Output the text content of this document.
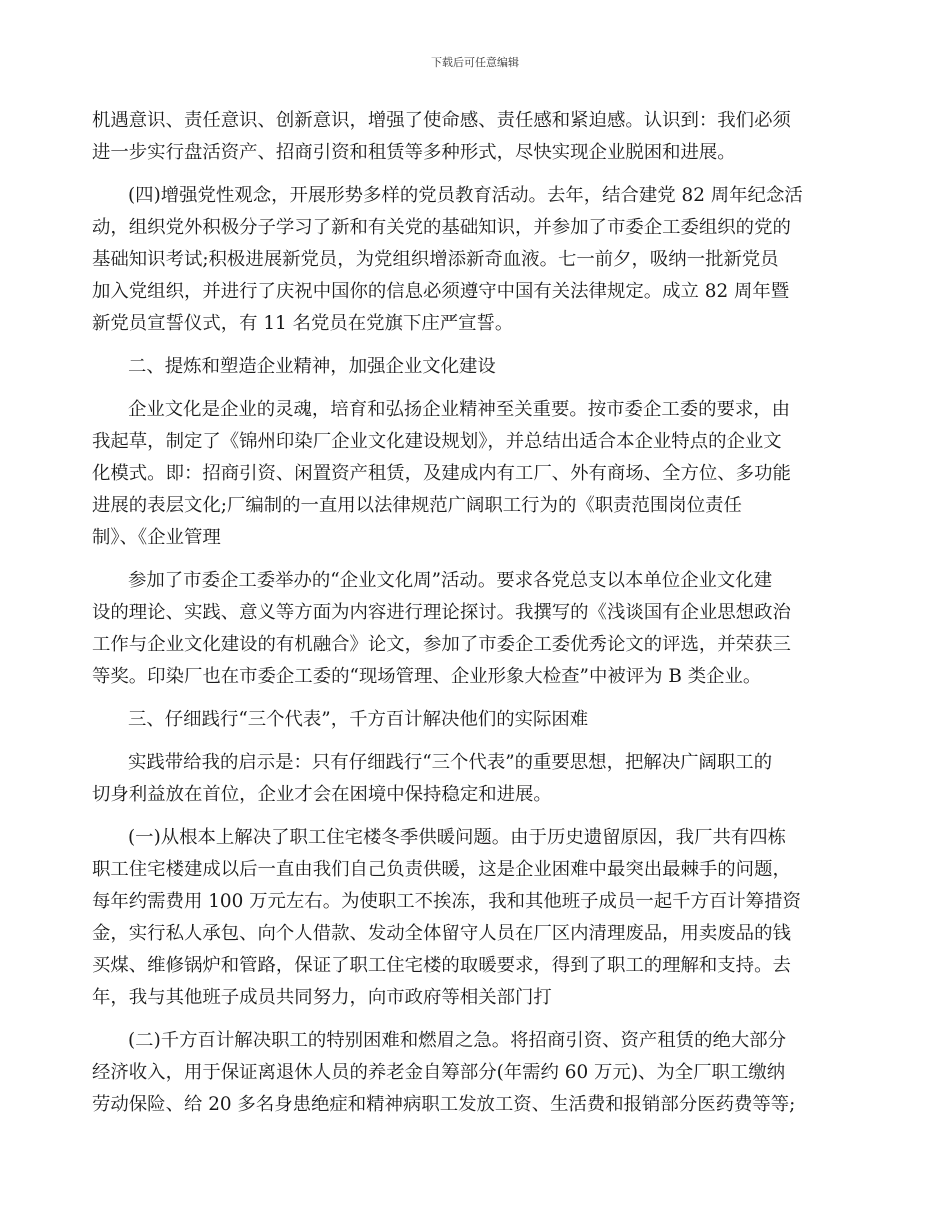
下载后可任意编辑

机遇意识、责任意识、创新意识，增强了使命感、责任感和紧迫感。认识到：我们必须
进一步实行盘活资产、招商引资和租赁等多种形式，尽快实现企业脱困和进展。

(四)增强党性观念，开展形势多样的党员教育活动。去年，结合建党 82 周年纪念活
动，组织党外积极分子学习了新和有关党的基础知识，并参加了市委企工委组织的党的
基础知识考试;积极进展新党员，为党组织增添新奇血液。七一前夕，吸纳一批新党员
加入党组织，并进行了庆祝中国你的信息必须遵守中国有关法律规定。成立 82 周年暨
新党员宣誓仪式，有 11 名党员在党旗下庄严宣誓。

二、提炼和塑造企业精神，加强企业文化建设

企业文化是企业的灵魂，培育和弘扬企业精神至关重要。按市委企工委的要求，由
我起草，制定了《锦州印染厂企业文化建设规划》，并总结出适合本企业特点的企业文
化模式。即：招商引资、闲置资产租赁，及建成内有工厂、外有商场、全方位、多功能
进展的表层文化;厂编制的一直用以法律规范广阔职工行为的《职责范围岗位责任
制》、《企业管理

参加了市委企工委举办的“企业文化周”活动。要求各党总支以本单位企业文化建
设的理论、实践、意义等方面为内容进行理论探讨。我撰写的《浅谈国有企业思想政治
工作与企业文化建设的有机融合》论文，参加了市委企工委优秀论文的评选，并荣获三
等奖。印染厂也在市委企工委的“现场管理、企业形象大检查”中被评为 B 类企业。

三、仔细践行“三个代表”，千方百计解决他们的实际困难

实践带给我的启示是：只有仔细践行“三个代表”的重要思想，把解决广阔职工的
切身利益放在首位，企业才会在困境中保持稳定和进展。

(一)从根本上解决了职工住宅楼冬季供暖问题。由于历史遗留原因，我厂共有四栋
职工住宅楼建成以后一直由我们自己负责供暖，这是企业困难中最突出最棘手的问题，
每年约需费用 100 万元左右。为使职工不挨冻，我和其他班子成员一起千方百计筹措资
金，实行私人承包、向个人借款、发动全体留守人员在厂区内清理废品，用卖废品的钱
买煤、维修锅炉和管路，保证了职工住宅楼的取暖要求，得到了职工的理解和支持。去
年，我与其他班子成员共同努力，向市政府等相关部门打

(二)千方百计解决职工的特别困难和燃眉之急。将招商引资、资产租赁的绝大部分
经济收入，用于保证离退休人员的养老金自筹部分(年需约 60 万元)、为全厂职工缴纳
劳动保险、给 20 多名身患绝症和精神病职工发放工资、生活费和报销部分医药费等等;
